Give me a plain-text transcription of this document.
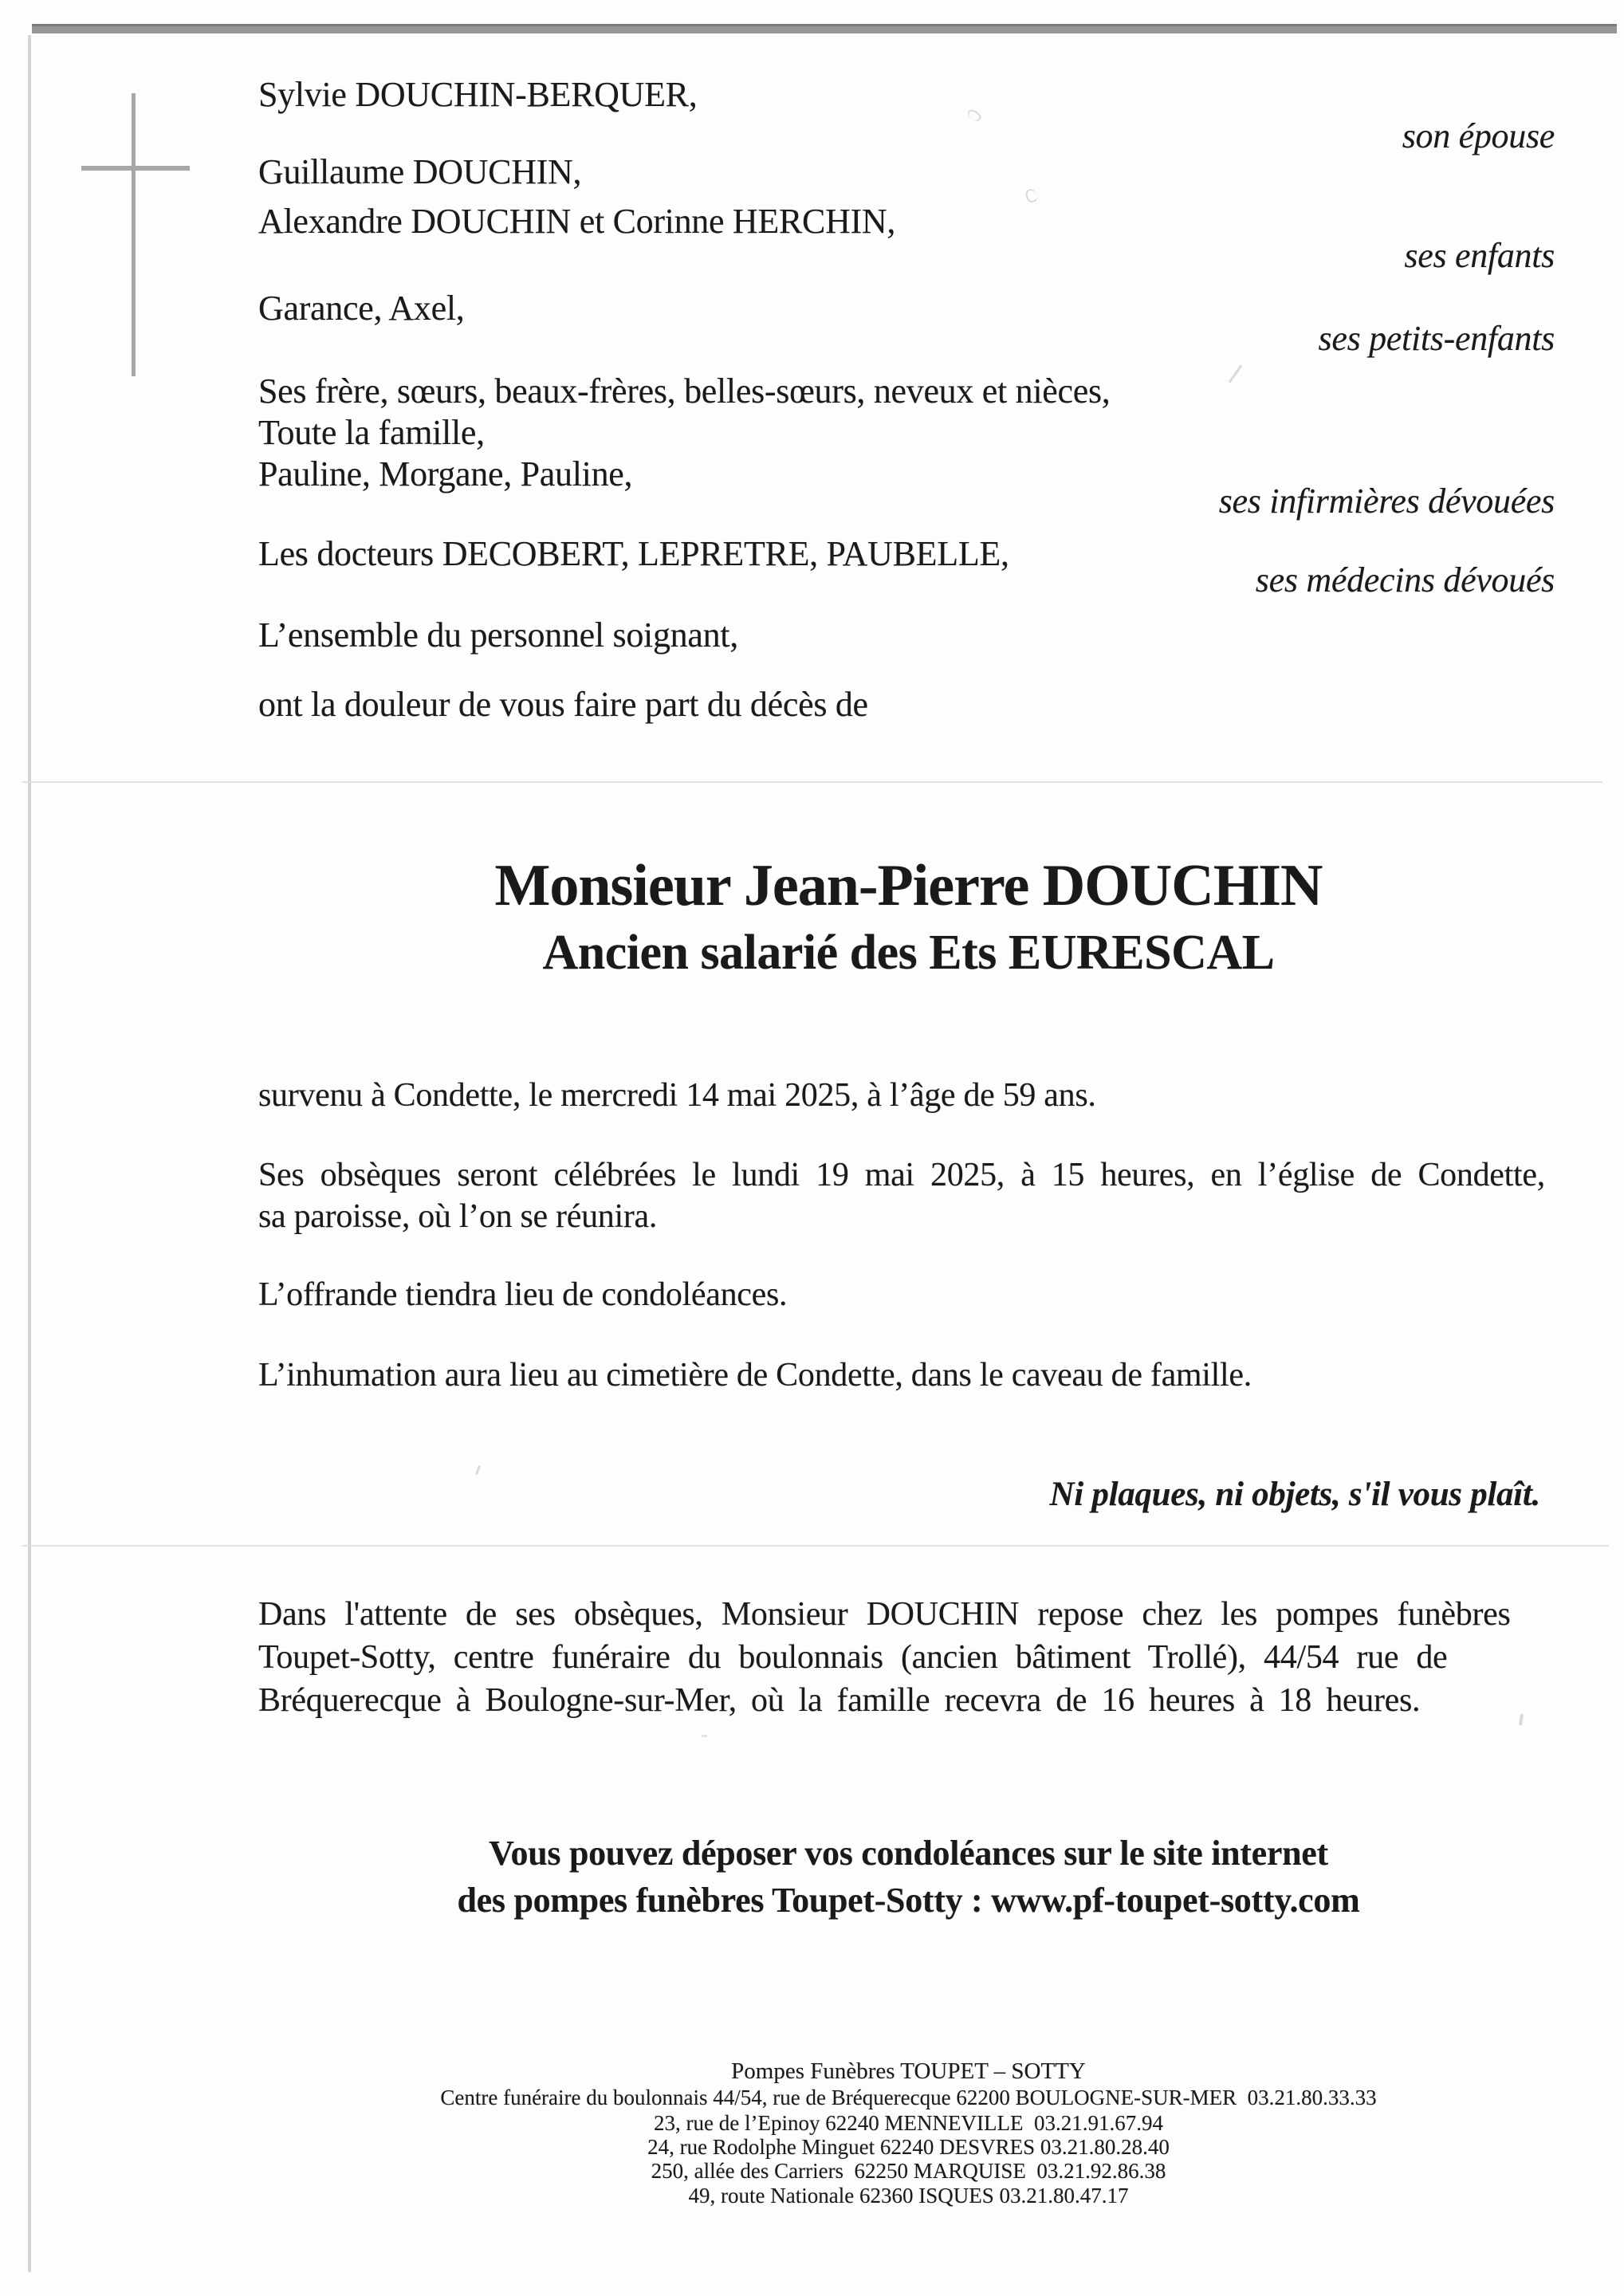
Sylvie DOUCHIN-BERQUER,
son épouse
Guillaume DOUCHIN,
Alexandre DOUCHIN et Corinne HERCHIN,
ses enfants
Garance, Axel,
ses petits-enfants
Ses frère, sœurs, beaux-frères, belles-sœurs, neveux et nièces,
Toute la famille,
Pauline, Morgane, Pauline,
ses infirmières dévouées
Les docteurs DECOBERT, LEPRETRE, PAUBELLE,
ses médecins dévoués
L’ensemble du personnel soignant,
ont la douleur de vous faire part du décès de
Monsieur Jean-Pierre DOUCHIN
Ancien salarié des Ets EURESCAL
survenu à Condette, le mercredi 14 mai 2025, à l’âge de 59 ans.
Ses obsèques seront célébrées le lundi 19 mai 2025, à 15 heures, en l’église de Condette,
sa paroisse, où l’on se réunira.
L’offrande tiendra lieu de condoléances.
L’inhumation aura lieu au cimetière de Condette, dans le caveau de famille.
Ni plaques, ni objets, s'il vous plaît.
Dans l'attente de ses obsèques, Monsieur DOUCHIN repose chez les pompes funèbres
Toupet-Sotty, centre funéraire du boulonnais (ancien bâtiment Trollé), 44/54 rue de
Bréquerecque à Boulogne-sur-Mer, où la famille recevra de 16 heures à 18 heures.
Vous pouvez déposer vos condoléances sur le site internet
des pompes funèbres Toupet-Sotty : www.pf-toupet-sotty.com
Pompes Funèbres TOUPET – SOTTY
Centre funéraire du boulonnais 44/54, rue de Bréquerecque 62200 BOULOGNE-SUR-MER  03.21.80.33.33
23, rue de l’Epinoy 62240 MENNEVILLE  03.21.91.67.94
24, rue Rodolphe Minguet 62240 DESVRES 03.21.80.28.40
250, allée des Carriers  62250 MARQUISE  03.21.92.86.38
49, route Nationale 62360 ISQUES 03.21.80.47.17
